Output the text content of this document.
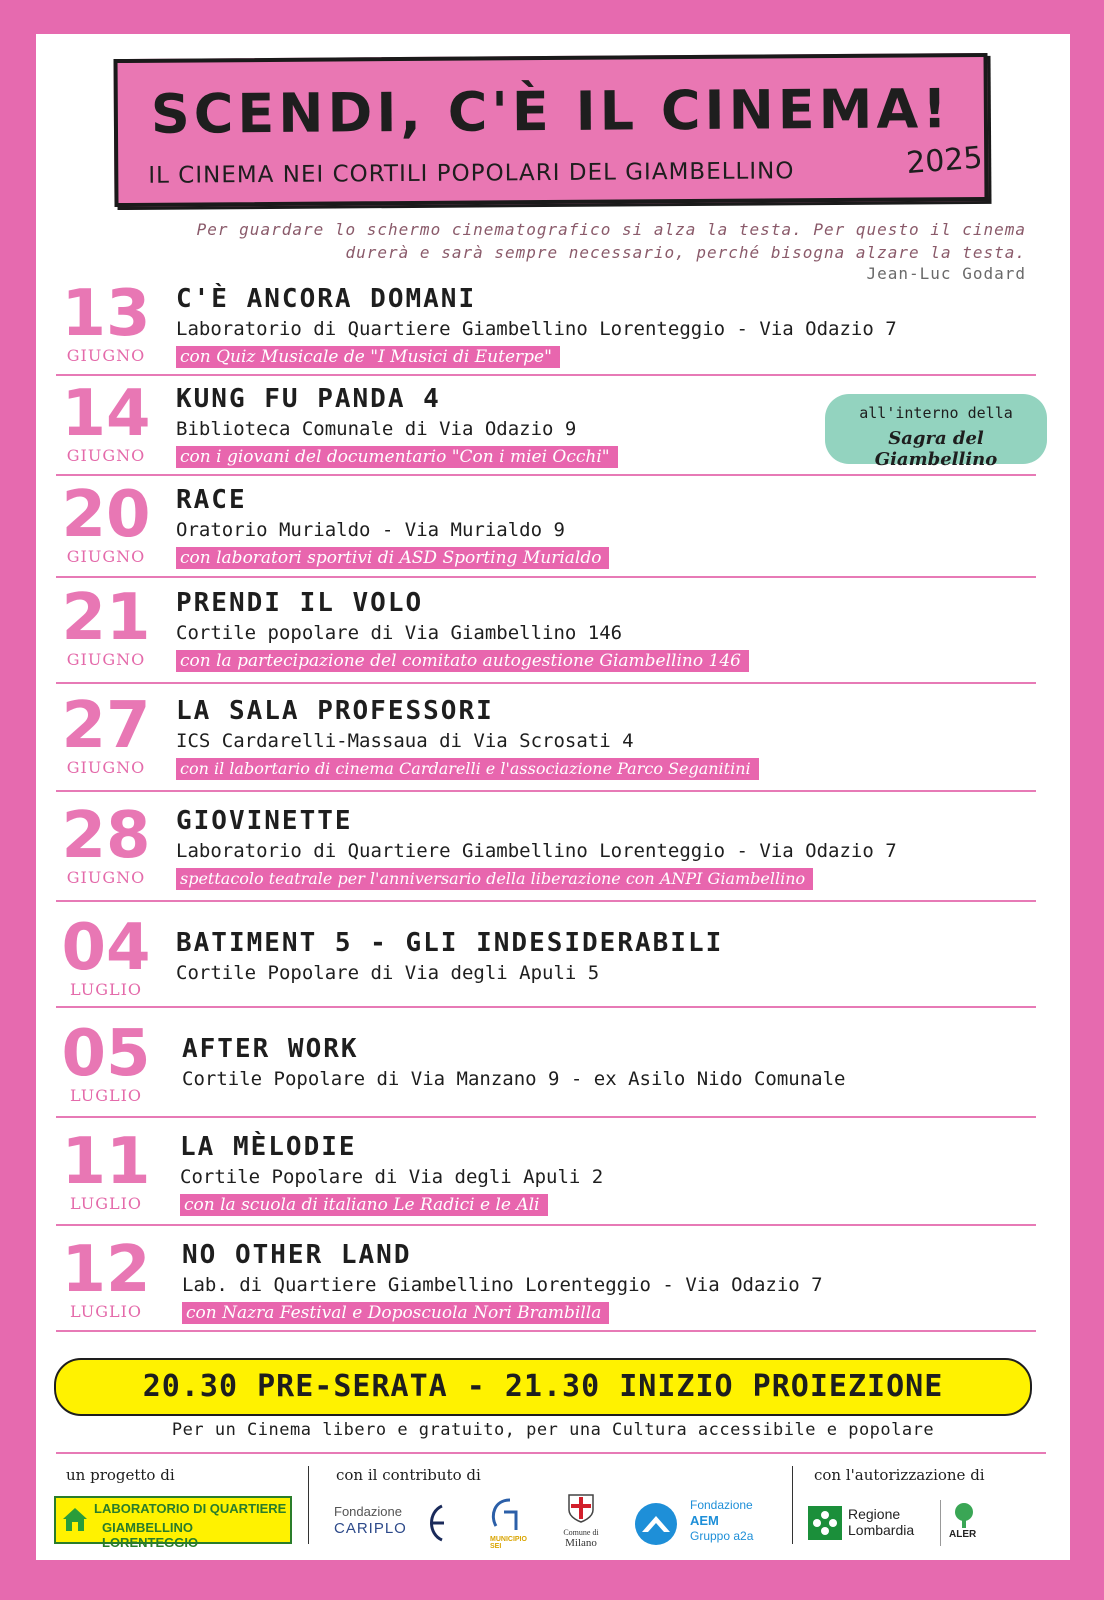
SCENDI, C'È IL CINEMA!
IL CINEMA NEI CORTILI POPOLARI DEL GIAMBELLINO	2025
Per guardare lo schermo cinematografico si alza la testa. Per questo il cinema
durerà e sarà sempre necessario, perché bisogna alzare la testa.
Jean-Luc Godard
13
GIUGNO
C'È ANCORA DOMANI
Laboratorio di Quartiere Giambellino Lorenteggio - Via Odazio 7
con Quiz Musicale de "I Musici di Euterpe"
14
GIUGNO
KUNG FU PANDA 4
Biblioteca Comunale di Via Odazio 9
con i giovani del documentario "Con i miei Occhi"
all'interno della
Sagra del Giambellino
20
GIUGNO
RACE
Oratorio Murialdo - Via Murialdo 9
con laboratori sportivi di ASD Sporting Murialdo
21
GIUGNO
PRENDI IL VOLO
Cortile popolare di Via Giambellino 146
con la partecipazione del comitato autogestione Giambellino 146
27
GIUGNO
LA SALA PROFESSORI
ICS Cardarelli-Massaua di Via Scrosati 4
con il labortario di cinema Cardarelli e l'associazione Parco Seganitini
28
GIUGNO
GIOVINETTE
Laboratorio di Quartiere Giambellino Lorenteggio - Via Odazio 7
spettacolo teatrale per l'anniversario della liberazione con ANPI Giambellino
04
LUGLIO
BATIMENT 5 - GLI INDESIDERABILI
Cortile Popolare di Via degli Apuli 5
05
LUGLIO
AFTER WORK
Cortile Popolare di Via Manzano 9 - ex Asilo Nido Comunale
11
LUGLIO
LA MÈLODIE
Cortile Popolare di Via degli Apuli 2
con la scuola di italiano Le Radici e le Ali
12
LUGLIO
NO OTHER LAND
Lab. di Quartiere Giambellino Lorenteggio - Via Odazio 7
con Nazra Festival e Doposcuola Nori Brambilla
20.30 PRE-SERATA - 21.30 INIZIO PROIEZIONE
Per un Cinema libero e gratuito, per una Cultura accessibile e popolare
un progetto di	con il contributo di	con l'autorizzazione di
LABORATORIO DI QUARTIERE
GIAMBELLINO LORENTEGGIO
Fondazione
CARIPLO
MUNICIPIO SEI
Comune di
Milano
Fondazione
AEM
Gruppo a2a
Regione
Lombardia	ALER
